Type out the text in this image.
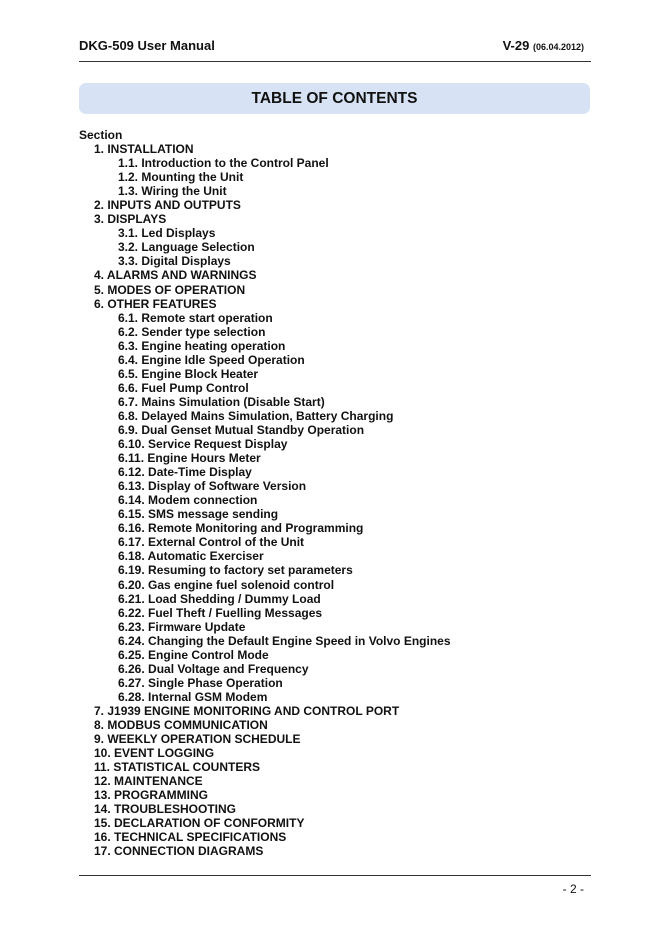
DKG-509 User Manual	V-29 (06.04.2012)
TABLE OF CONTENTS
Section
1. INSTALLATION
1.1. Introduction to the Control Panel
1.2. Mounting the Unit
1.3. Wiring the Unit
2. INPUTS AND OUTPUTS
3. DISPLAYS
3.1. Led Displays
3.2. Language Selection
3.3. Digital Displays
4. ALARMS AND WARNINGS
5. MODES OF OPERATION
6. OTHER FEATURES
6.1. Remote start operation
6.2. Sender type selection
6.3. Engine heating operation
6.4. Engine Idle Speed Operation
6.5. Engine Block Heater
6.6. Fuel Pump Control
6.7. Mains Simulation (Disable Start)
6.8. Delayed Mains Simulation, Battery Charging
6.9. Dual Genset Mutual Standby Operation
6.10. Service Request Display
6.11. Engine Hours Meter
6.12. Date-Time Display
6.13. Display of Software Version
6.14. Modem connection
6.15. SMS message sending
6.16. Remote Monitoring and Programming
6.17. External Control of the Unit
6.18. Automatic Exerciser
6.19. Resuming to factory set parameters
6.20. Gas engine fuel solenoid control
6.21. Load Shedding / Dummy Load
6.22. Fuel Theft / Fuelling Messages
6.23. Firmware Update
6.24. Changing the Default Engine Speed in Volvo Engines
6.25. Engine Control Mode
6.26. Dual Voltage and Frequency
6.27. Single Phase Operation
6.28. Internal GSM Modem
7. J1939 ENGINE MONITORING AND CONTROL PORT
8. MODBUS COMMUNICATION
9. WEEKLY OPERATION SCHEDULE
10. EVENT LOGGING
11. STATISTICAL COUNTERS
12. MAINTENANCE
13. PROGRAMMING
14. TROUBLESHOOTING
15. DECLARATION OF CONFORMITY
16. TECHNICAL SPECIFICATIONS
17. CONNECTION DIAGRAMS
- 2 -
